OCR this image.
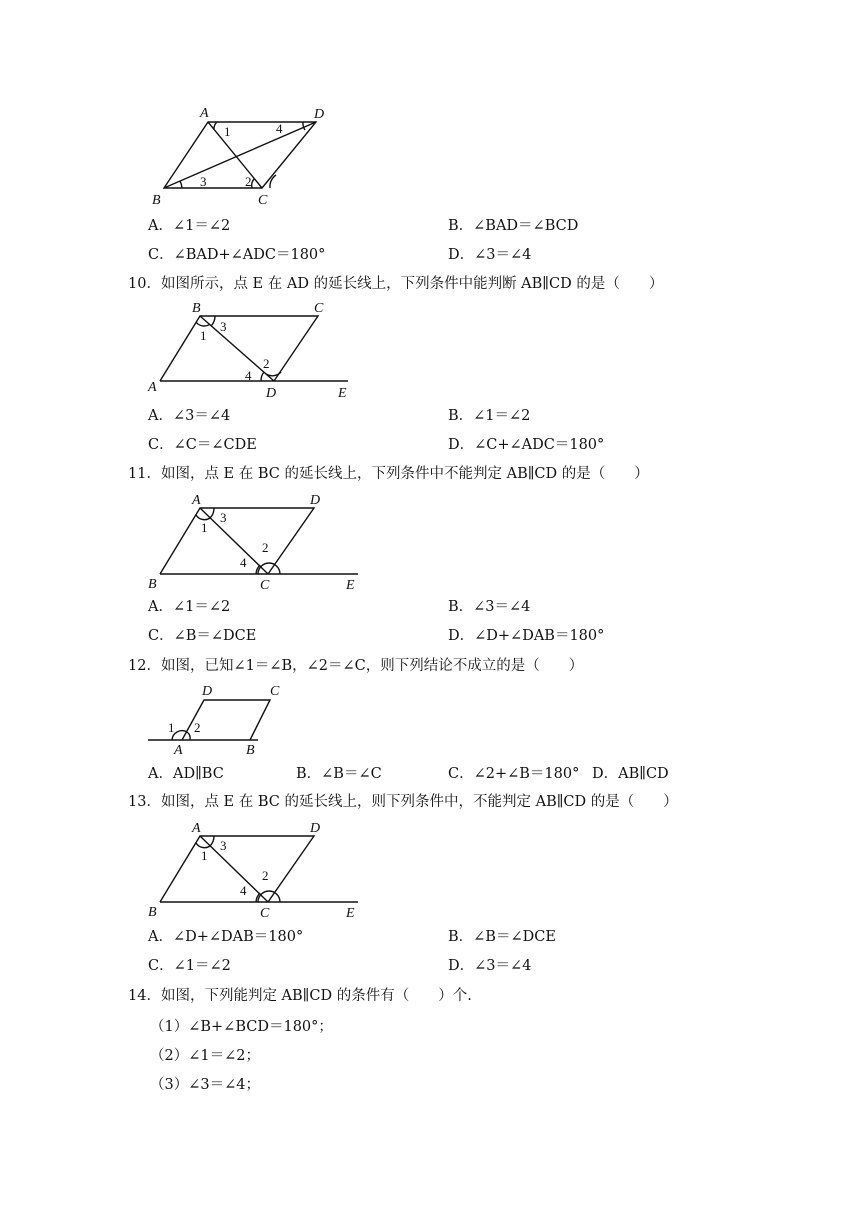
A	D
B	C
1	4
2
3
A．∠1＝∠2	B．∠BAD＝∠BCD
C．∠BAD+∠ADC＝180°	D．∠3＝∠4
10．如图所示，点 E 在 AD 的延长线上，下列条件中能判断 AB∥CD 的是（　　）
B	C
A	D	E
1
3
4
2
A．∠3＝∠4	B．∠1＝∠2
C．∠C＝∠CDE	D．∠C+∠ADC＝180°
11．如图，点 E 在 BC 的延长线上，下列条件中不能判定 AB∥CD 的是（　　）
A	D
B	C	E
1
3
4
2
A．∠1＝∠2	B．∠3＝∠4
C．∠B＝∠DCE	D．∠D+∠DAB＝180°
12．如图，已知∠1＝∠B，∠2＝∠C，则下列结论不成立的是（　　）
D	C
A	B
1 2
A．AD∥BC	B．∠B＝∠C	C．∠2+∠B＝180° D．AB∥CD
13．如图，点 E 在 BC 的延长线上，则下列条件中，不能判定 AB∥CD 的是（　　）
A	D
B	C	E
1
3
4
2
A．∠D+∠DAB＝180°	B．∠B＝∠DCE
C．∠1＝∠2	D．∠3＝∠4
14．如图，下列能判定 AB∥CD 的条件有（　　）个.
（1）∠B+∠BCD＝180°；
（2）∠1＝∠2；
（3）∠3＝∠4；
